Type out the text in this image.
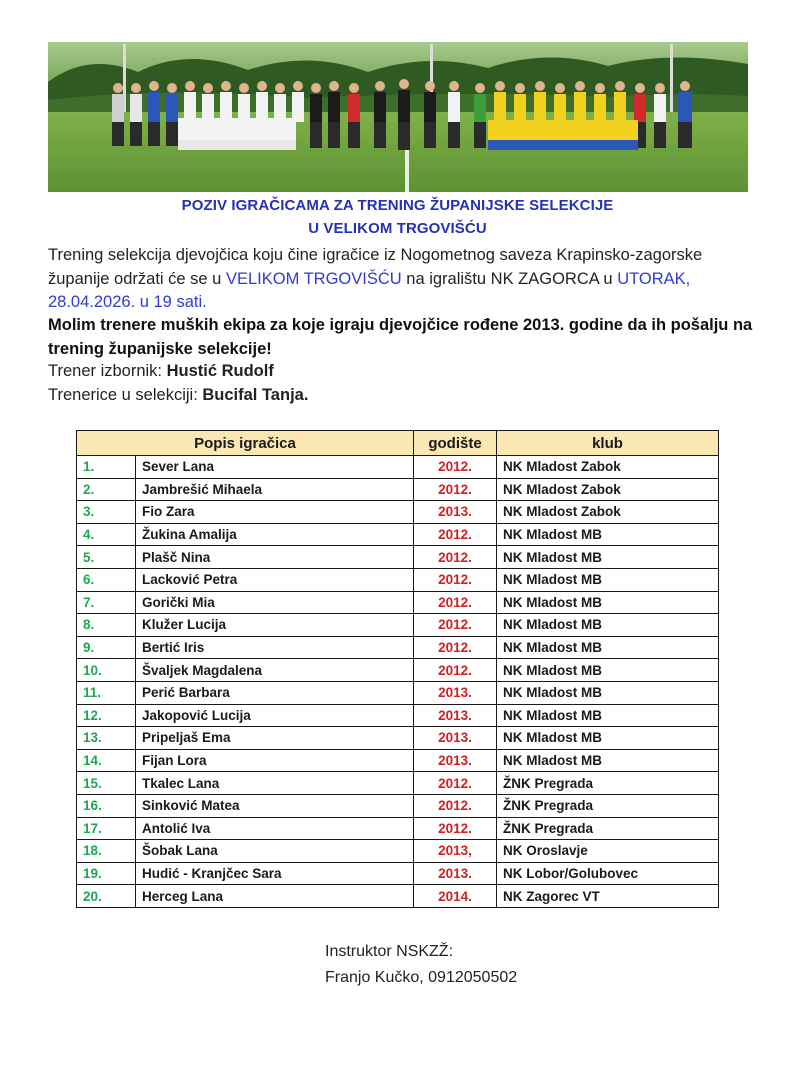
POZIV IGRAČICAMA ZA TRENING ŽUPANIJSKE SELEKCIJE
U VELIKOM TRGOVIŠĆU
Trening selekcija djevojčica koju čine igračice iz Nogometnog saveza Krapinsko-zagorske županije održati će se u VELIKOM TRGOVIŠĆU na igralištu NK ZAGORCA u UTORAK, 28.04.2026. u 19 sati.
Molim trenere muških ekipa za koje igraju djevojčice rođene 2013. godine da ih pošalju na trening županijske selekcije!
Trener izbornik: Hustić Rudolf
Trenerice u selekciji: Bucifal Tanja.
Popis igračica		godište	klub
1.	Sever Lana	2012.	NK Mladost Zabok
2.	Jambrešić Mihaela	2012.	NK Mladost Zabok
3.	Fio Zara	2013.	NK Mladost Zabok
4.	Žukina Amalija	2012.	NK Mladost MB
5.	Plašč Nina	2012.	NK Mladost MB
6.	Lacković Petra	2012.	NK Mladost MB
7.	Gorički Mia	2012.	NK Mladost MB
8.	Klužer Lucija	2012.	NK Mladost MB
9.	Bertić Iris	2012.	NK Mladost MB
10.	Švaljek Magdalena	2012.	NK Mladost MB
11.	Perić Barbara	2013.	NK Mladost MB
12.	Jakopović Lucija	2013.	NK Mladost MB
13.	Pripeljaš Ema	2013.	NK Mladost MB
14.	Fijan Lora	2013.	NK Mladost MB
15.	Tkalec Lana	2012.	ŽNK Pregrada
16.	Sinković Matea	2012.	ŽNK Pregrada
17.	Antolić Iva	2012.	ŽNK Pregrada
18.	Šobak Lana	2013,	NK Oroslavje
19.	Hudić - Kranjčec Sara	2013.	NK Lobor/Golubovec
20.	Herceg Lana	2014.	NK Zagorec VT
Instruktor NSKZŽ:
Franjo Kučko, 0912050502
